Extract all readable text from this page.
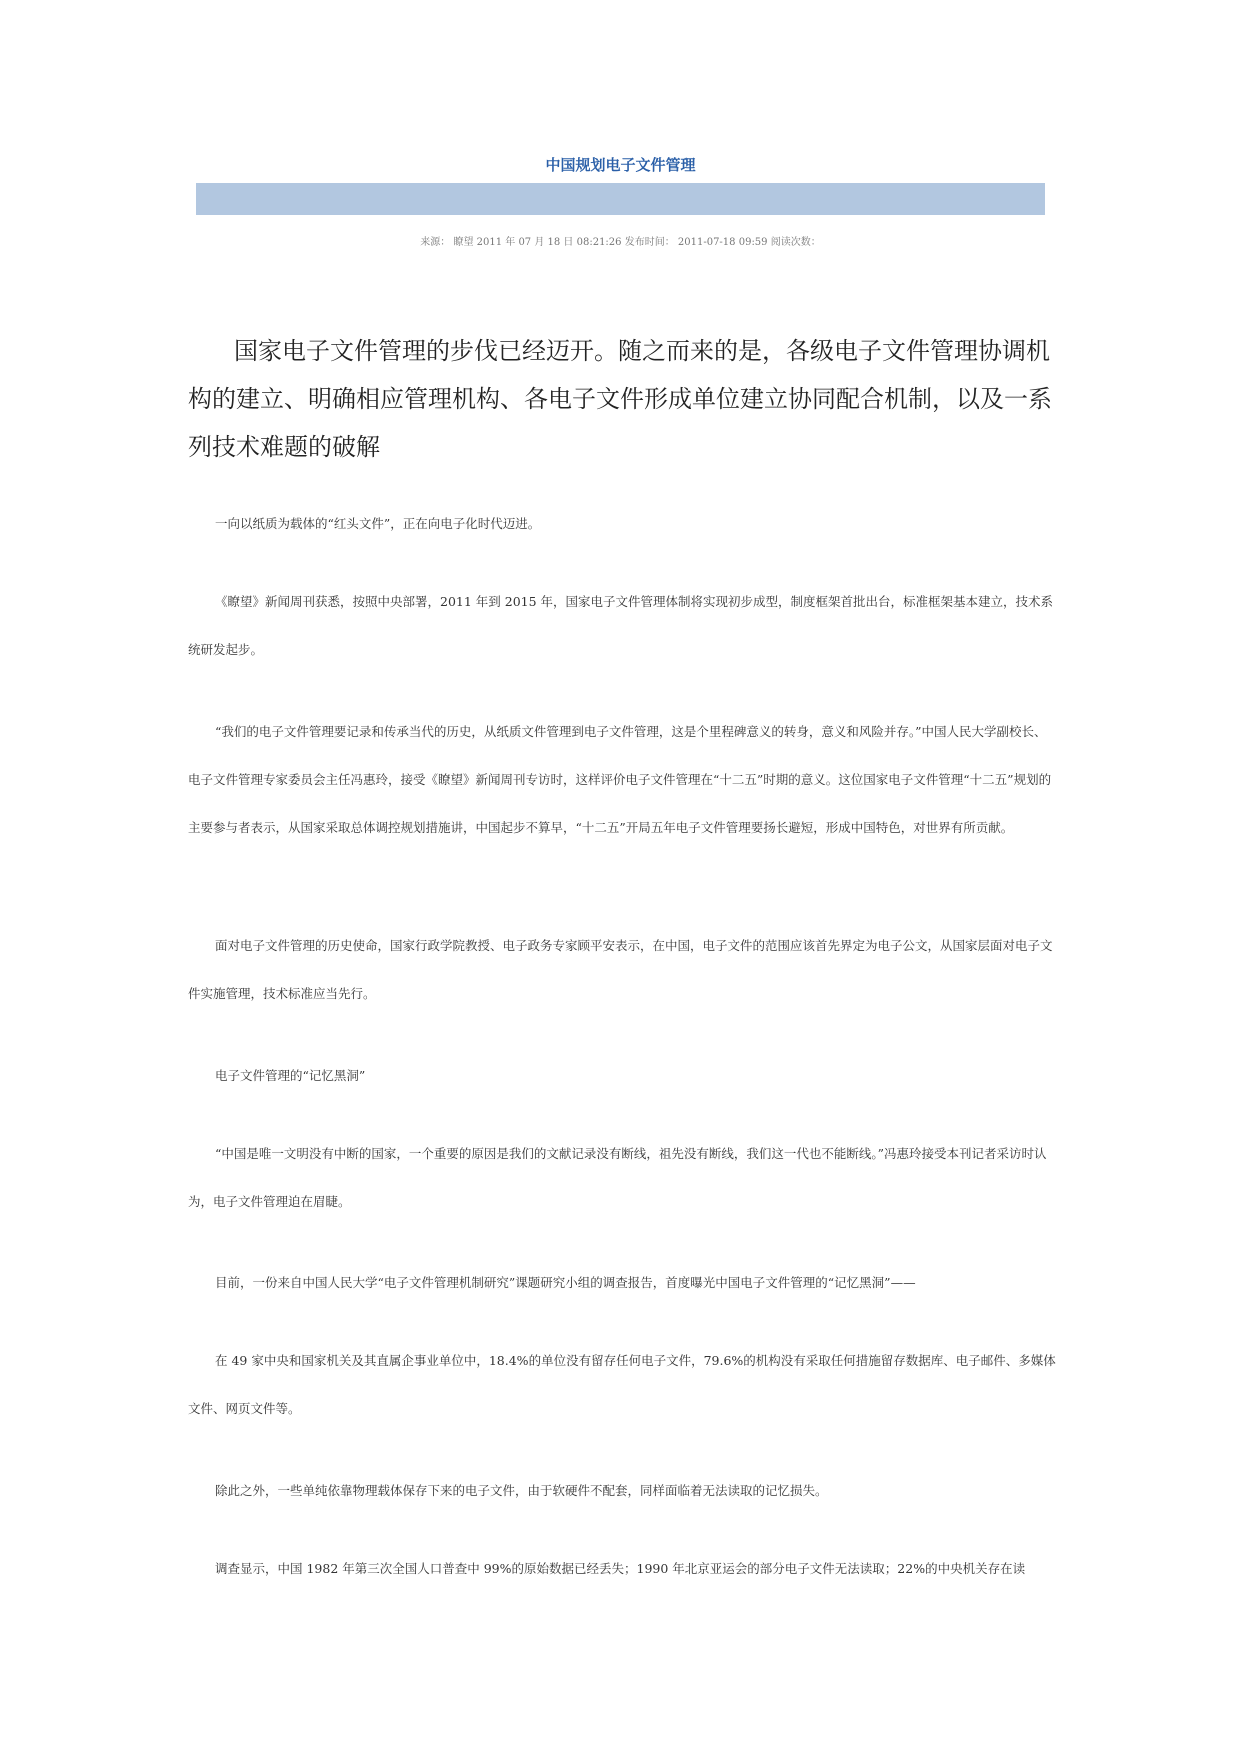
中国规划电子文件管理
来源： 瞭望 2011 年 07 月 18 日 08:21:26 发布时间： 2011-07-18 09:59 阅读次数：
国家电子文件管理的步伐已经迈开。随之而来的是，各级电子文件管理协调机构的建立、明确相应管理机构、各电子文件形成单位建立协同配合机制，以及一系列技术难题的破解
一向以纸质为载体的“红头文件”，正在向电子化时代迈进。
《瞭望》新闻周刊获悉，按照中央部署，2011 年到 2015 年，国家电子文件管理体制将实现初步成型，制度框架首批出台，标准框架基本建立，技术系统研发起步。
“我们的电子文件管理要记录和传承当代的历史，从纸质文件管理到电子文件管理，这是个里程碑意义的转身，意义和风险并存。”中国人民大学副校长、电子文件管理专家委员会主任冯惠玲，接受《瞭望》新闻周刊专访时，这样评价电子文件管理在“十二五”时期的意义。这位国家电子文件管理“十二五”规划的主要参与者表示，从国家采取总体调控规划措施讲，中国起步不算早，“十二五”开局五年电子文件管理要扬长避短，形成中国特色，对世界有所贡献。
面对电子文件管理的历史使命，国家行政学院教授、电子政务专家顾平安表示，在中国，电子文件的范围应该首先界定为电子公文，从国家层面对电子文件实施管理，技术标准应当先行。
电子文件管理的“记忆黑洞”
“中国是唯一文明没有中断的国家，一个重要的原因是我们的文献记录没有断线，祖先没有断线，我们这一代也不能断线。”冯惠玲接受本刊记者采访时认为，电子文件管理迫在眉睫。
目前，一份来自中国人民大学“电子文件管理机制研究”课题研究小组的调查报告，首度曝光中国电子文件管理的“记忆黑洞”——
在 49 家中央和国家机关及其直属企事业单位中，18.4%的单位没有留存任何电子文件，79.6%的机构没有采取任何措施留存数据库、电子邮件、多媒体文件、网页文件等。
除此之外，一些单纯依靠物理载体保存下来的电子文件，由于软硬件不配套，同样面临着无法读取的记忆损失。
调查显示，中国 1982 年第三次全国人口普查中 99%的原始数据已经丢失；1990 年北京亚运会的部分电子文件无法读取；22%的中央机关存在读
